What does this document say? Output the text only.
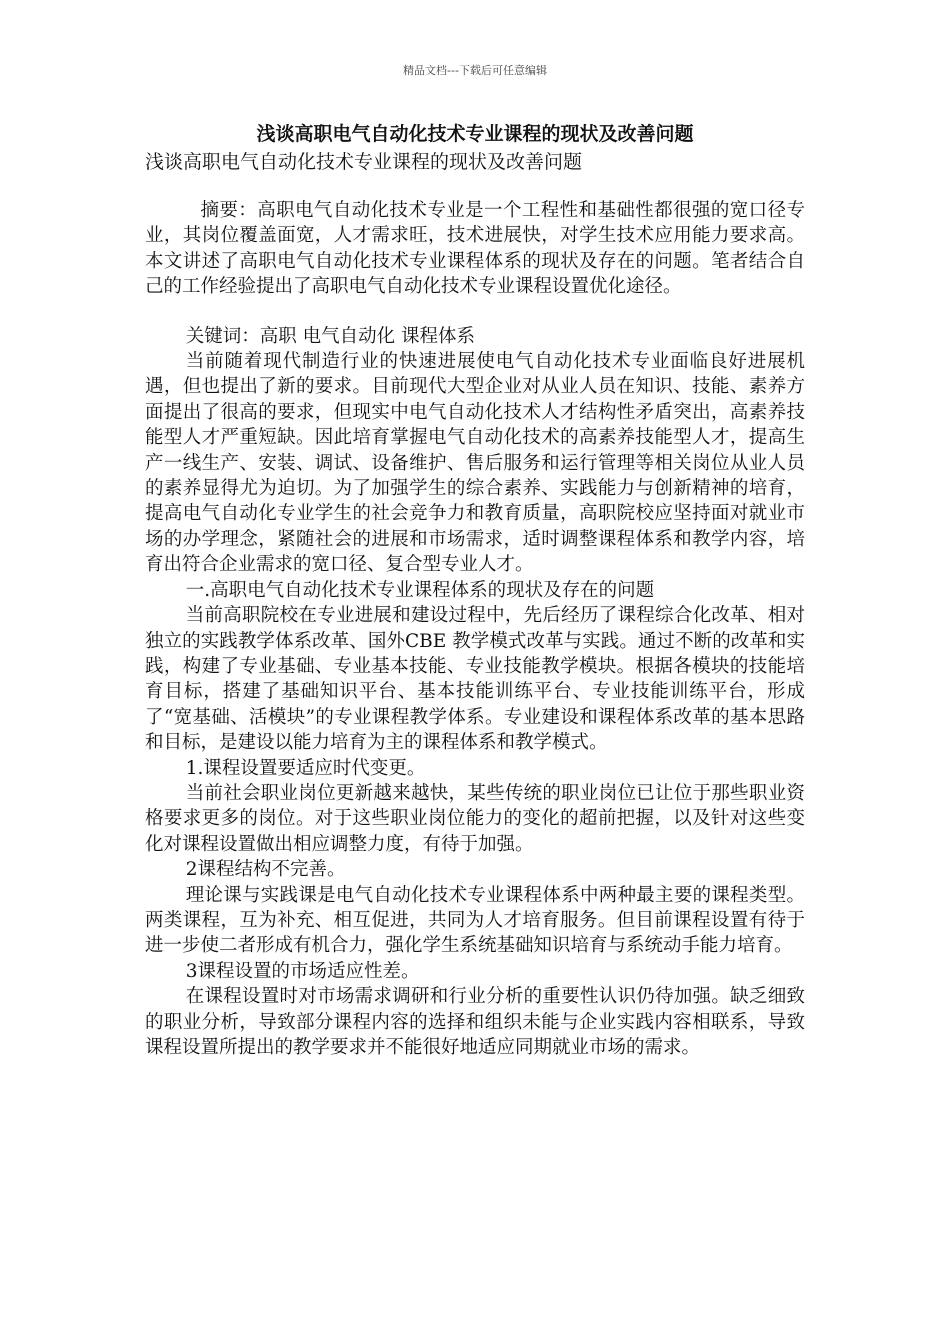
精品文档---下载后可任意编辑

浅谈高职电气自动化技术专业课程的现状及改善问题

浅谈高职电气自动化技术专业课程的现状及改善问题

摘要：高职电气自动化技术专业是一个工程性和基础性都很强的宽口径专业，其岗位覆盖面宽，人才需求旺，技术进展快，对学生技术应用能力要求高。本文讲述了高职电气自动化技术专业课程体系的现状及存在的问题。笔者结合自己的工作经验提出了高职电气自动化技术专业课程设置优化途径。

关键词：高职 电气自动化 课程体系

当前随着现代制造行业的快速进展使电气自动化技术专业面临良好进展机遇，但也提出了新的要求。目前现代大型企业对从业人员在知识、技能、素养方面提出了很高的要求，但现实中电气自动化技术人才结构性矛盾突出，高素养技能型人才严重短缺。因此培育掌握电气自动化技术的高素养技能型人才，提高生产一线生产、安装、调试、设备维护、售后服务和运行管理等相关岗位从业人员的素养显得尤为迫切。为了加强学生的综合素养、实践能力与创新精神的培育，提高电气自动化专业学生的社会竞争力和教育质量，高职院校应坚持面对就业市场的办学理念，紧随社会的进展和市场需求，适时调整课程体系和教学内容，培育出符合企业需求的宽口径、复合型专业人才。

一.高职电气自动化技术专业课程体系的现状及存在的问题

当前高职院校在专业进展和建设过程中，先后经历了课程综合化改革、相对独立的实践教学体系改革、国外CBE 教学模式改革与实践。通过不断的改革和实践，构建了专业基础、专业基本技能、专业技能教学模块。根据各模块的技能培育目标，搭建了基础知识平台、基本技能训练平台、专业技能训练平台，形成了“宽基础、活模块”的专业课程教学体系。专业建设和课程体系改革的基本思路和目标，是建设以能力培育为主的课程体系和教学模式。

1.课程设置要适应时代变更。

当前社会职业岗位更新越来越快，某些传统的职业岗位已让位于那些职业资格要求更多的岗位。对于这些职业岗位能力的变化的超前把握，以及针对这些变化对课程设置做出相应调整力度，有待于加强。

2课程结构不完善。

理论课与实践课是电气自动化技术专业课程体系中两种最主要的课程类型。 两类课程，互为补充、相互促进，共同为人才培育服务。但目前课程设置有待于进一步使二者形成有机合力，强化学生系统基础知识培育与系统动手能力培育。

3课程设置的市场适应性差。

在课程设置时对市场需求调研和行业分析的重要性认识仍待加强。缺乏细致的职业分析，导致部分课程内容的选择和组织未能与企业实践内容相联系，导致课程设置所提出的教学要求并不能很好地适应同期就业市场的需求。
